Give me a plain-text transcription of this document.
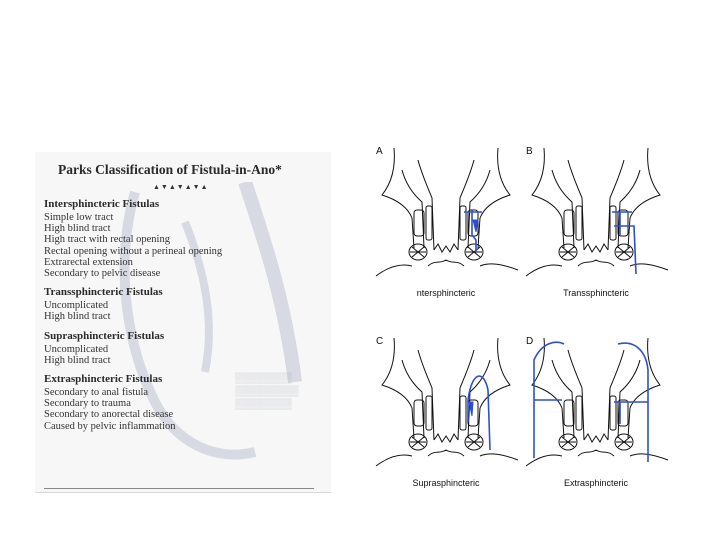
▒▒▒▒▒▒▒▒
▒▒▒▒▒▒▒▒▒
▒▒▒▒▒▒▒▒
Parks Classification of Fistula-in-Ano*
▲▼▲▼▲▼▲
Intersphincteric Fistulas
Simple low tract
High blind tract
High tract with rectal opening
Rectal opening without a perineal opening
Extrarectal extension
Secondary to pelvic disease
Transsphincteric Fistulas
Uncomplicated
High blind tract
Suprasphincteric Fistulas
Uncomplicated
High blind tract
Extrasphincteric Fistulas
Secondary to anal fistula
Secondary to trauma
Secondary to anorectal disease
Caused by pelvic inflammation
A
ntersphincteric
B
Transsphincteric
C
Suprasphincteric
D
Extrasphincteric
